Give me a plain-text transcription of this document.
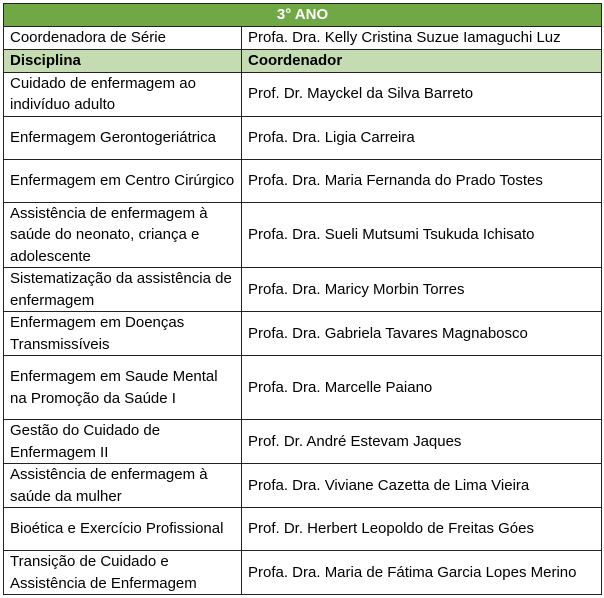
3° ANO	
Coordenadora de Série	Profa. Dra. Kelly Cristina Suzue Iamaguchi Luz
Disciplina	Coordenador
Cuidado de enfermagem ao indivíduo adulto	Prof. Dr. Mayckel da Silva Barreto
Enfermagem Gerontogeriátrica	Profa. Dra. Ligia Carreira
Enfermagem em Centro Cirúrgico	Profa. Dra. Maria Fernanda do Prado Tostes
Assistência de enfermagem à saúde do neonato, criança e adolescente	Profa. Dra. Sueli Mutsumi Tsukuda Ichisato
Sistematização da assistência de enfermagem	Profa. Dra. Maricy Morbin Torres
Enfermagem em Doenças Transmissíveis	Profa. Dra. Gabriela Tavares Magnabosco
Enfermagem em Saude Mental na Promoção da Saúde I	Profa. Dra. Marcelle Paiano
Gestão do Cuidado de Enfermagem II	Prof. Dr. André Estevam Jaques
Assistência de enfermagem à saúde da mulher	Profa. Dra. Viviane Cazetta de Lima Vieira
Bioética e Exercício Profissional	Prof. Dr. Herbert Leopoldo de Freitas Góes
Transição de Cuidado e Assistência de Enfermagem	Profa. Dra. Maria de Fátima Garcia Lopes Merino
